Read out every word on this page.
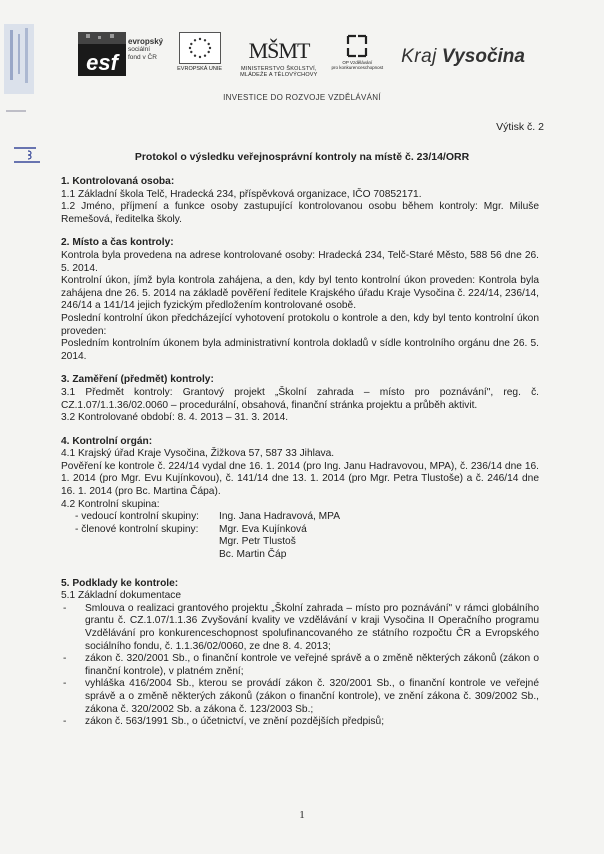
esf
evropský
sociální
fond v ČR
EVROPSKÁ UNIE
MŠMT
MINISTERSTVO ŠKOLSTVÍ,
MLÁDEŽE A TĚLOVÝCHOVY
OP Vzdělávání
pro konkurenceschopnost
Kraj Vysočina
INVESTICE DO ROZVOJE VZDĚLÁVÁNÍ
Výtisk č. 2
Protokol o výsledku veřejnosprávní kontroly na místě č. 23/14/ORR

1. Kontrolovaná osoba:

1.1 Základní škola Telč, Hradecká 234, příspěvková organizace, IČO 70852171.

1.2 Jméno, příjmení a funkce osoby zastupující kontrolovanou osobu během kontroly: Mgr. Miluše Remešová, ředitelka školy.

2. Místo a čas kontroly:

Kontrola byla provedena na adrese kontrolované osoby: Hradecká 234, Telč-Staré Město, 588 56 dne 26. 5. 2014.

Kontrolní úkon, jímž byla kontrola zahájena, a den, kdy byl tento kontrolní úkon proveden: Kontrola byla zahájena dne 26. 5. 2014 na základě pověření ředitele Krajského úřadu Kraje Vysočina č. 224/14, 236/14, 246/14 a 141/14 jejich fyzickým předložením kontrolované osobě.

Poslední kontrolní úkon předcházející vyhotovení protokolu o kontrole a den, kdy byl tento kontrolní úkon proveden:

Posledním kontrolním úkonem byla administrativní kontrola dokladů v sídle kontrolního orgánu dne 26. 5. 2014.

3. Zaměření (předmět) kontroly:

3.1 Předmět kontroly: Grantový projekt „Školní zahrada – místo pro poznávání", reg. č. CZ.1.07/1.1.36/02.0060 – procedurální, obsahová, finanční stránka projektu a průběh aktivit.

3.2 Kontrolované období: 8. 4. 2013 – 31. 3. 2014.

4. Kontrolní orgán:

4.1 Krajský úřad Kraje Vysočina, Žižkova 57, 587 33 Jihlava.

Pověření ke kontrole č. 224/14 vydal dne 16. 1. 2014 (pro Ing. Janu Hadravovou, MPA), č. 236/14 dne 16. 1. 2014 (pro Mgr. Evu Kujínkovou), č. 141/14 dne 13. 1. 2014 (pro Mgr. Petra Tlustoše) a č. 246/14 dne 16. 1. 2014 (pro Bc. Martina Čápa).

4.2 Kontrolní skupina:

- vedoucí kontrolní skupiny:	Ing. Jana Hadravová, MPA
- členové kontrolní skupiny:	Mgr. Eva Kujínková
Mgr. Petr Tlustoš
Bc. Martin Čáp

5. Podklady ke kontrole:

5.1 Základní dokumentace

- Smlouva o realizaci grantového projektu „Školní zahrada – místo pro poznávání" v rámci globálního grantu č. CZ.1.07/1.1.36 Zvyšování kvality ve vzdělávání v kraji Vysočina II Operačního programu Vzdělávání pro konkurenceschopnost spolufinancovaného ze státního rozpočtu ČR a Evropského sociálního fondu, č. 1.1.36/02/0060, ze dne 8. 4. 2013;
- zákon č. 320/2001 Sb., o finanční kontrole ve veřejné správě a o změně některých zákonů (zákon o finanční kontrole), v platném znění;
- vyhláška 416/2004 Sb., kterou se provádí zákon č. 320/2001 Sb., o finanční kontrole ve veřejné správě a o změně některých zákonů (zákon o finanční kontrole), ve znění zákona č. 309/2002 Sb., zákona č. 320/2002 Sb. a zákona č. 123/2003 Sb.;
- zákon č. 563/1991 Sb., o účetnictví, ve znění pozdějších předpisů;
1
